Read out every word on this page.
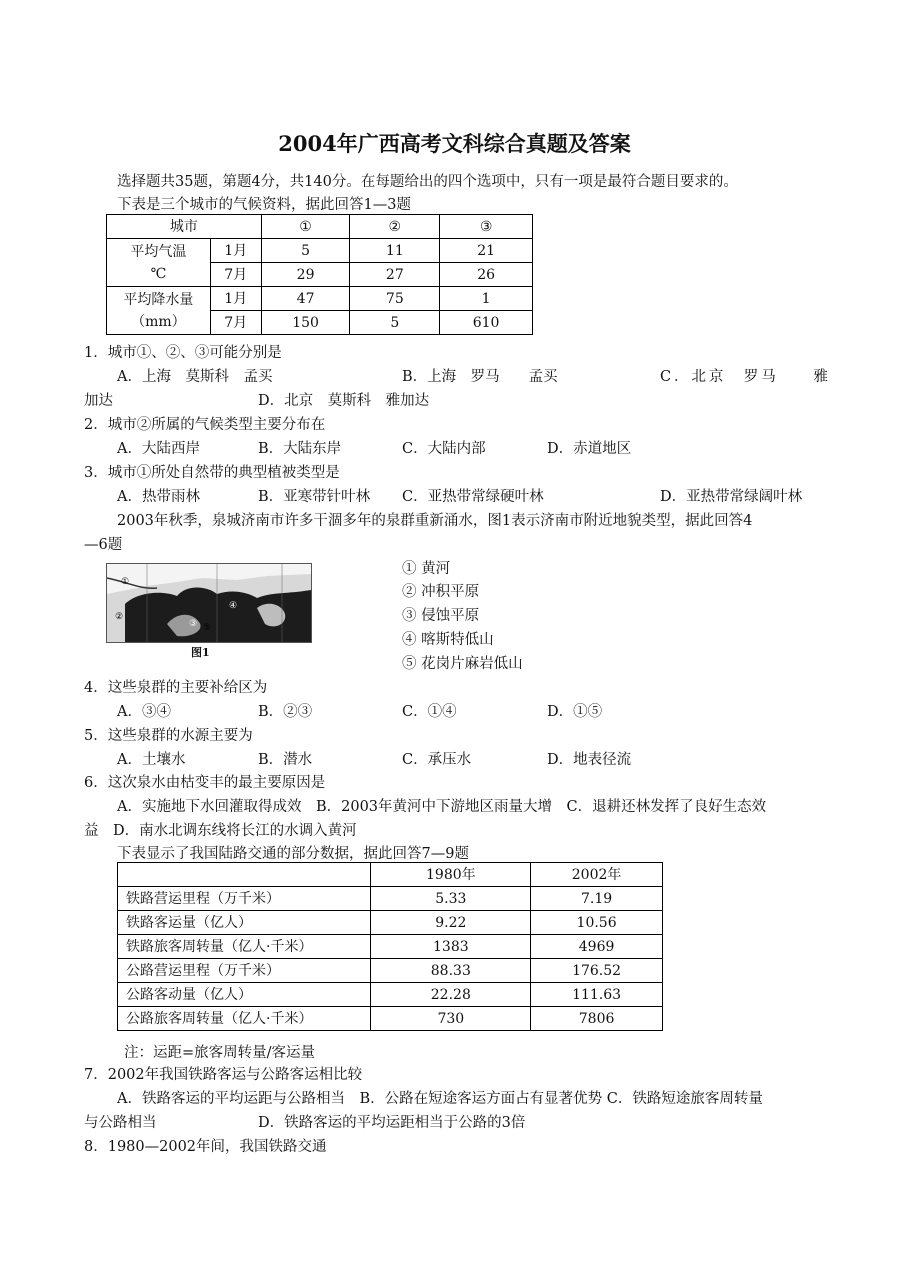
2004年广西高考文科综合真题及答案
选择题共35题，第题4分，共140分。在每题给出的四个选项中，只有一项是最符合题目要求的。
下表是三个城市的气候资料，据此回答1—3题
城市		①	②	③
平均气温
℃	1月	5	11	21
	7月	29	27	26
平均降水量
（mm）	1月	47	75	1
	7月	150	5	610
1．城市①、②、③可能分别是
A．上海　莫斯科　孟买	B．上海　罗马　　孟买	C．北京　罗马　　雅
加达	D．北京　莫斯科　雅加达
2．城市②所属的气候类型主要分布在
A．大陆西岸	B．大陆东岸	C．大陆内部	D．赤道地区
3．城市①所处自然带的典型植被类型是
A．热带雨林	B．亚寒带针叶林 C．亚热带常绿硬叶林	D．亚热带常绿阔叶林
2003年秋季，泉城济南市许多干涸多年的泉群重新涌水，图1表示济南市附近地貌类型，据此回答4
—6题
①
②
③
④
⑤
图1
① 黄河
② 冲积平原
③ 侵蚀平原
④ 喀斯特低山
⑤ 花岗片麻岩低山
4．这些泉群的主要补给区为
A．③④	B．②③	C．①④	D．①⑤
5．这些泉群的水源主要为
A．土壤水	B．潜水	C．承压水	D．地表径流
6．这次泉水由枯变丰的最主要原因是
A．实施地下水回灌取得成效　B．2003年黄河中下游地区雨量大增　C．退耕还林发挥了良好生态效
益　D．南水北调东线将长江的水调入黄河
下表显示了我国陆路交通的部分数据，据此回答7—9题
	1980年	2002年
铁路营运里程（万千米）	5.33	7.19
铁路客运量（亿人）	9.22	10.56
铁路旅客周转量（亿人·千米）	1383	4969
公路营运里程（万千米）	88.33	176.52
公路客动量（亿人）	22.28	111.63
公路旅客周转量（亿人·千米）	730	7806
注：运距=旅客周转量/客运量
7．2002年我国铁路客运与公路客运相比较
A．铁路客运的平均运距与公路相当　B．公路在短途客运方面占有显著优势 C．铁路短途旅客周转量
与公路相当	D．铁路客运的平均运距相当于公路的3倍
8．1980—2002年间，我国铁路交通
